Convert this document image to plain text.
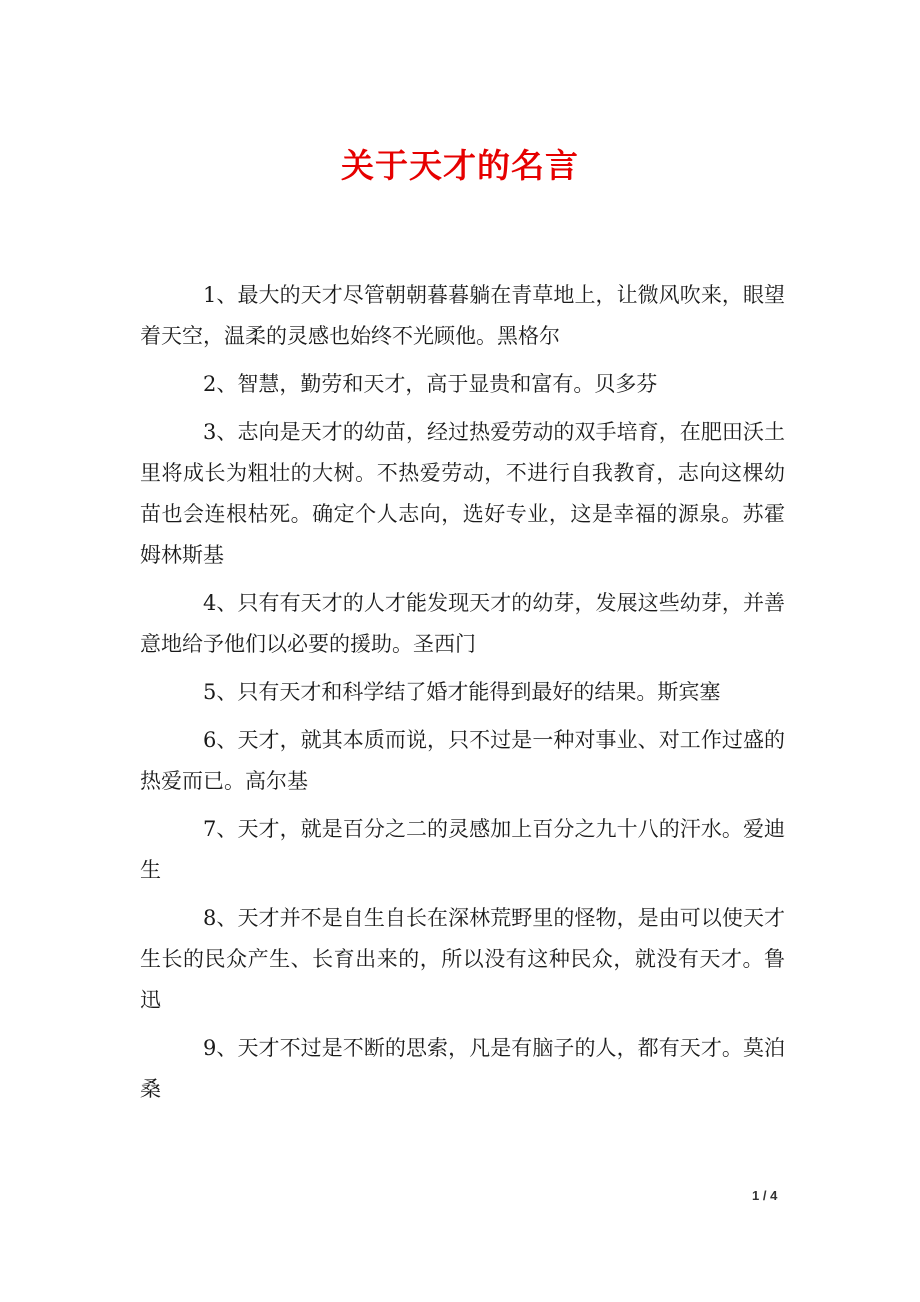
关于天才的名言

1、最大的天才尽管朝朝暮暮躺在青草地上，让微风吹来，眼望着天空，温柔的灵感也始终不光顾他。黑格尔

2、智慧，勤劳和天才，高于显贵和富有。贝多芬

3、志向是天才的幼苗，经过热爱劳动的双手培育，在肥田沃土里将成长为粗壮的大树。不热爱劳动，不进行自我教育，志向这棵幼苗也会连根枯死。确定个人志向，选好专业，这是幸福的源泉。苏霍姆林斯基

4、只有有天才的人才能发现天才的幼芽，发展这些幼芽，并善意地给予他们以必要的援助。圣西门

5、只有天才和科学结了婚才能得到最好的结果。斯宾塞

6、天才，就其本质而说，只不过是一种对事业、对工作过盛的热爱而已。高尔基

7、天才，就是百分之二的灵感加上百分之九十八的汗水。爱迪生

8、天才并不是自生自长在深林荒野里的怪物，是由可以使天才生长的民众产生、长育出来的，所以没有这种民众，就没有天才。鲁迅

9、天才不过是不断的思索，凡是有脑子的人，都有天才。莫泊桑

1 / 4
